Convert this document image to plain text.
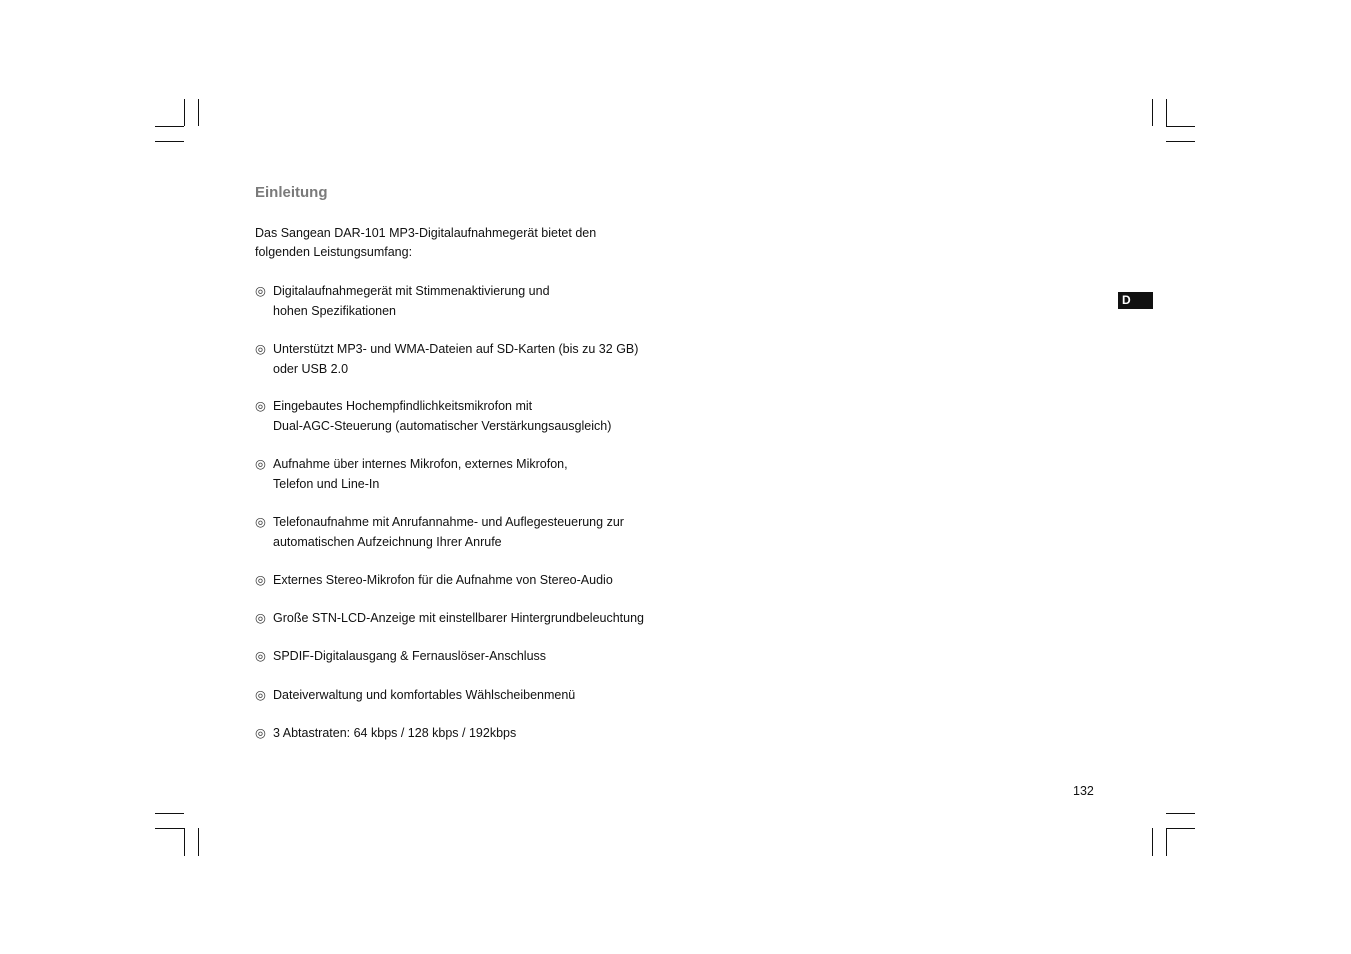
Einleitung

Das Sangean DAR-101 MP3-Digitalaufnahmegerät bietet den
folgenden Leistungsumfang:

◎ Digitalaufnahmegerät mit Stimmenaktivierung und
hohen Spezifikationen
◎ Unterstützt MP3- und WMA-Dateien auf SD-Karten (bis zu 32 GB)
oder USB 2.0
◎ Eingebautes Hochempfindlichkeitsmikrofon mit
Dual-AGC-Steuerung (automatischer Verstärkungsausgleich)
◎ Aufnahme über internes Mikrofon, externes Mikrofon,
Telefon und Line-In
◎ Telefonaufnahme mit Anrufannahme- und Auflegesteuerung zur
automatischen Aufzeichnung Ihrer Anrufe
◎ Externes Stereo-Mikrofon für die Aufnahme von Stereo-Audio
◎ Große STN-LCD-Anzeige mit einstellbarer Hintergrundbeleuchtung
◎ SPDIF-Digitalausgang & Fernauslöser-Anschluss
◎ Dateiverwaltung und komfortables Wählscheibenmenü
◎ 3 Abtastraten: 64 kbps / 128 kbps / 192kbps
D
132
